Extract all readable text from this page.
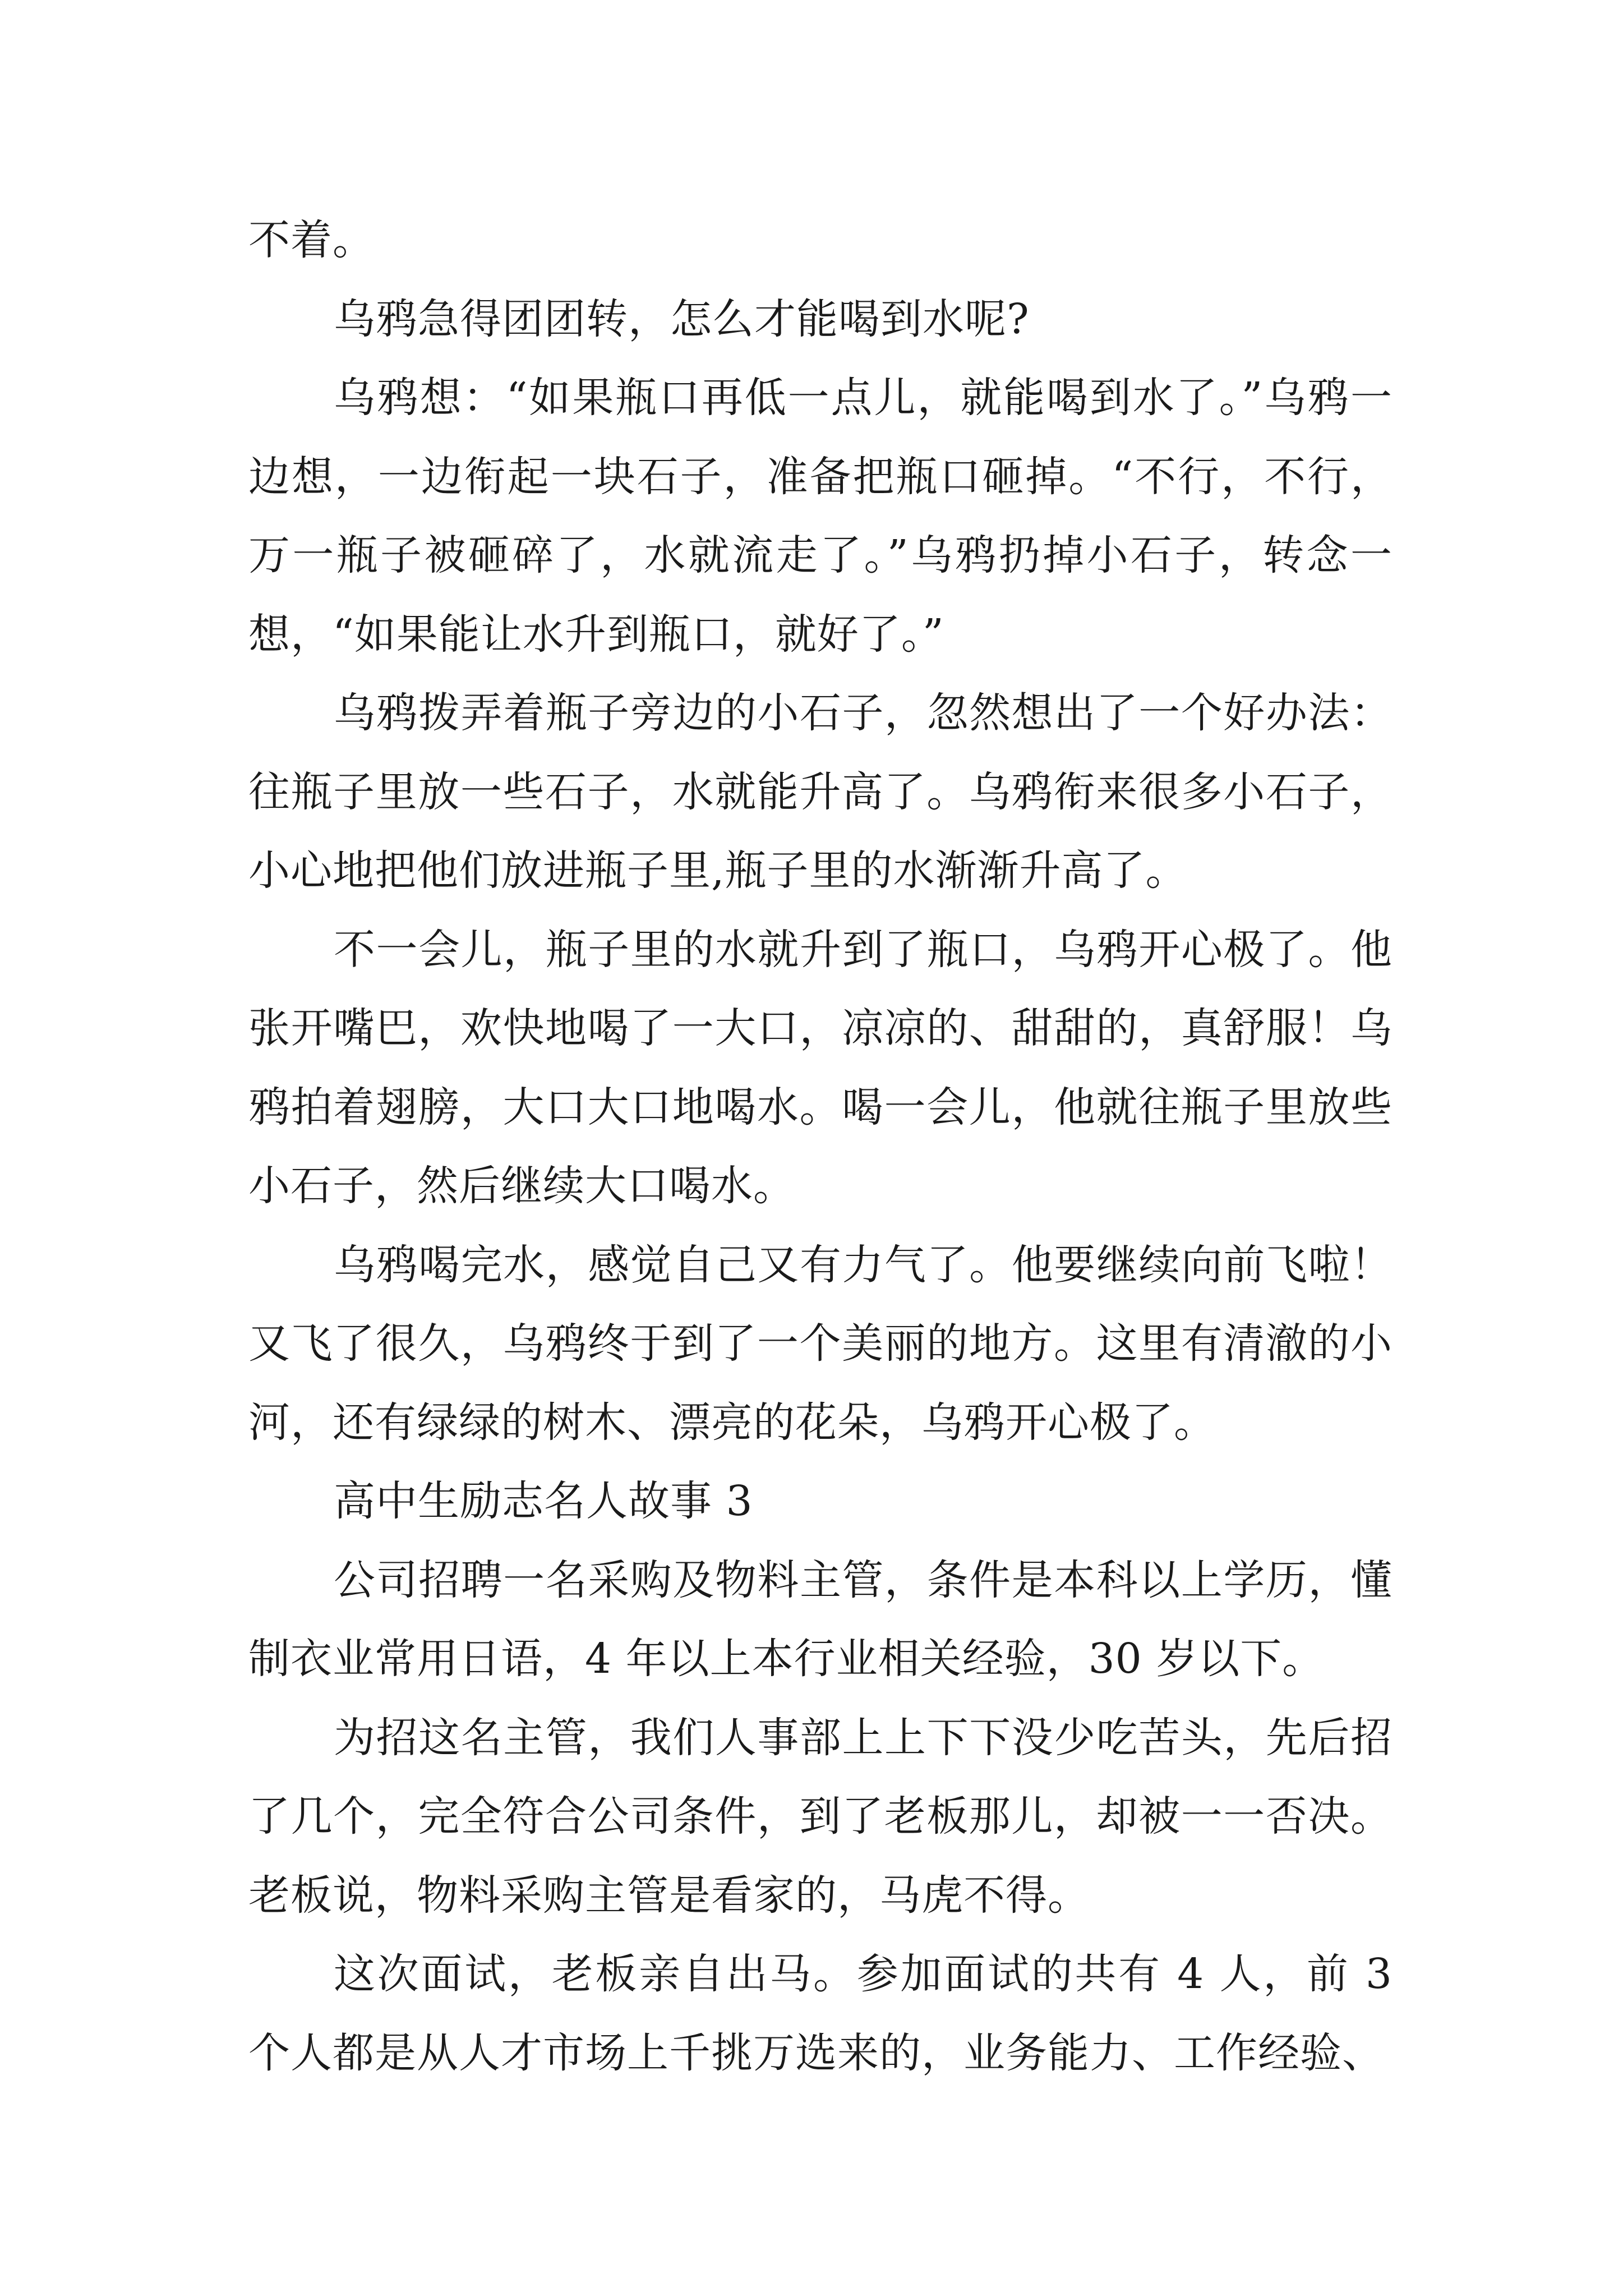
不着。

乌鸦急得团团转，怎么才能喝到水呢?

乌鸦想：“如果瓶口再低一点儿，就能喝到水了。”乌鸦一边想，一边衔起一块石子，准备把瓶口砸掉。“不行，不行，万一瓶子被砸碎了，水就流走了。”乌鸦扔掉小石子，转念一想，“如果能让水升到瓶口，就好了。”

乌鸦拨弄着瓶子旁边的小石子，忽然想出了一个好办法：往瓶子里放一些石子，水就能升高了。乌鸦衔来很多小石子，小心地把他们放进瓶子里,瓶子里的水渐渐升高了。

不一会儿，瓶子里的水就升到了瓶口，乌鸦开心极了。他张开嘴巴，欢快地喝了一大口，凉凉的、甜甜的，真舒服！乌鸦拍着翅膀，大口大口地喝水。喝一会儿，他就往瓶子里放些小石子，然后继续大口喝水。

乌鸦喝完水，感觉自己又有力气了。他要继续向前飞啦！又飞了很久，乌鸦终于到了一个美丽的地方。这里有清澈的小河，还有绿绿的树木、漂亮的花朵，乌鸦开心极了。

高中生励志名人故事 3

公司招聘一名采购及物料主管，条件是本科以上学历，懂制衣业常用日语，4 年以上本行业相关经验，30 岁以下。

为招这名主管，我们人事部上上下下没少吃苦头，先后招了几个，完全符合公司条件，到了老板那儿，却被一一否决。老板说，物料采购主管是看家的，马虎不得。

这次面试，老板亲自出马。参加面试的共有 4 人，前 3 个人都是从人才市场上千挑万选来的，业务能力、工作经验、
